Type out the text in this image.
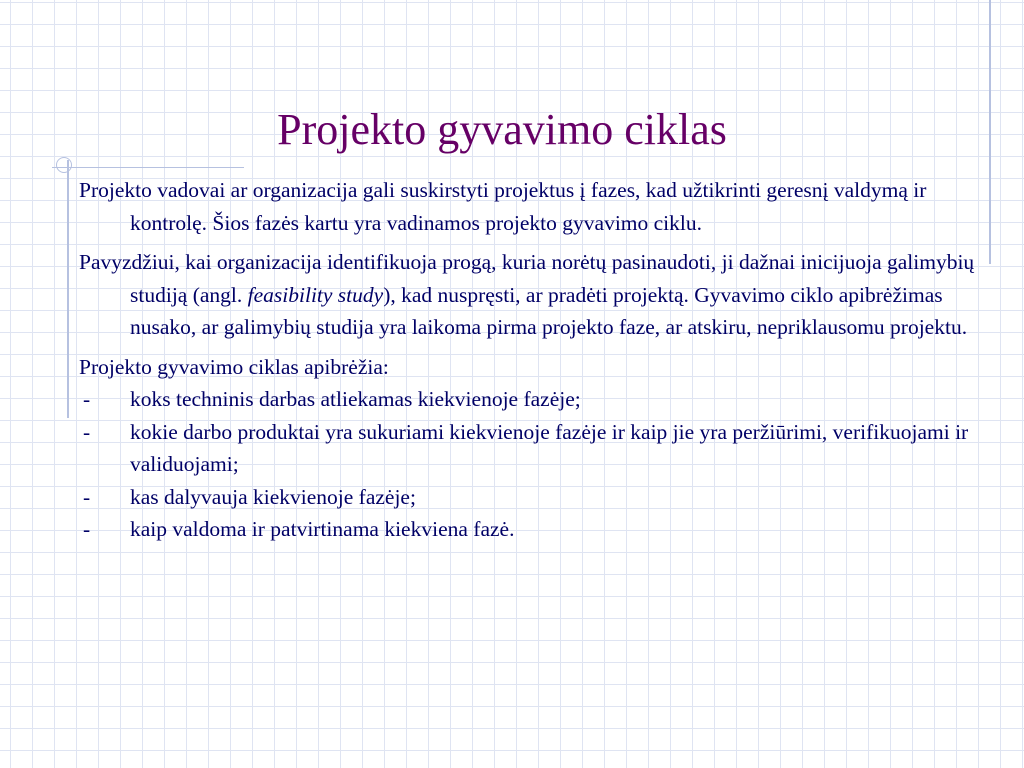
Projekto gyvavimo ciklas

Projekto vadovai ar organizacija gali suskirstyti projektus į fazes, kad užtikrinti geresnį valdymą ir kontrolę. Šios fazės kartu yra vadinamos projekto gyvavimo ciklu.

Pavyzdžiui, kai organizacija identifikuoja progą, kuria norėtų pasinaudoti, ji dažnai inicijuoja galimybių studiją (angl. feasibility study), kad nuspręsti, ar pradėti projektą. Gyvavimo ciklo apibrėžimas nusako, ar galimybių studija yra laikoma pirma projekto faze, ar atskiru, nepriklausomu projektu.

Projekto gyvavimo ciklas apibrėžia:

- koks techninis darbas atliekamas kiekvienoje fazėje;

- kokie darbo produktai yra sukuriami kiekvienoje fazėje ir kaip jie yra peržiūrimi, verifikuojami ir validuojami;

- kas dalyvauja kiekvienoje fazėje;

- kaip valdoma ir patvirtinama kiekviena fazė.
